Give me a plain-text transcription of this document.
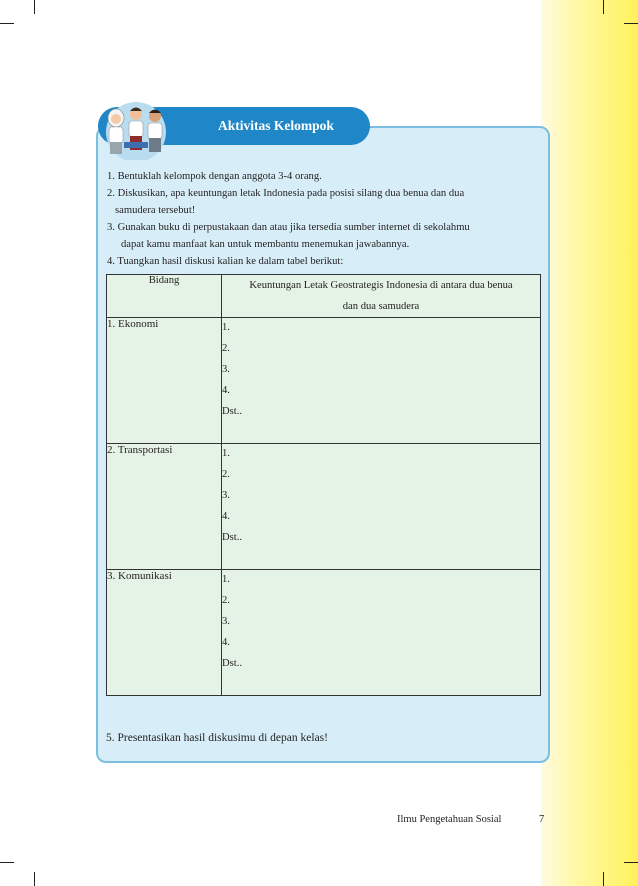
Aktivitas Kelompok
1. Bentuklah kelompok dengan anggota 3-4 orang.
2. Diskusikan, apa keuntungan letak Indonesia pada posisi silang dua benua dan dua
samudera tersebut!
3. Gunakan buku di perpustakaan dan atau jika tersedia sumber internet di sekolahmu
dapat kamu manfaat kan untuk membantu menemukan jawabannya.
4. Tuangkan hasil diskusi kalian ke dalam tabel berikut:
Bidang	Keuntungan Letak Geostrategis Indonesia di antara dua benua
dan dua samudera

1. Ekonomi	1.
2.
3.
4.
Dst..

2. Transportasi	1.
2.
3.
4.
Dst..

3. Komunikasi	1.
2.
3.
4.
Dst..
5. Presentasikan hasil diskusimu di depan kelas!
Ilmu Pengetahuan Sosial	7
